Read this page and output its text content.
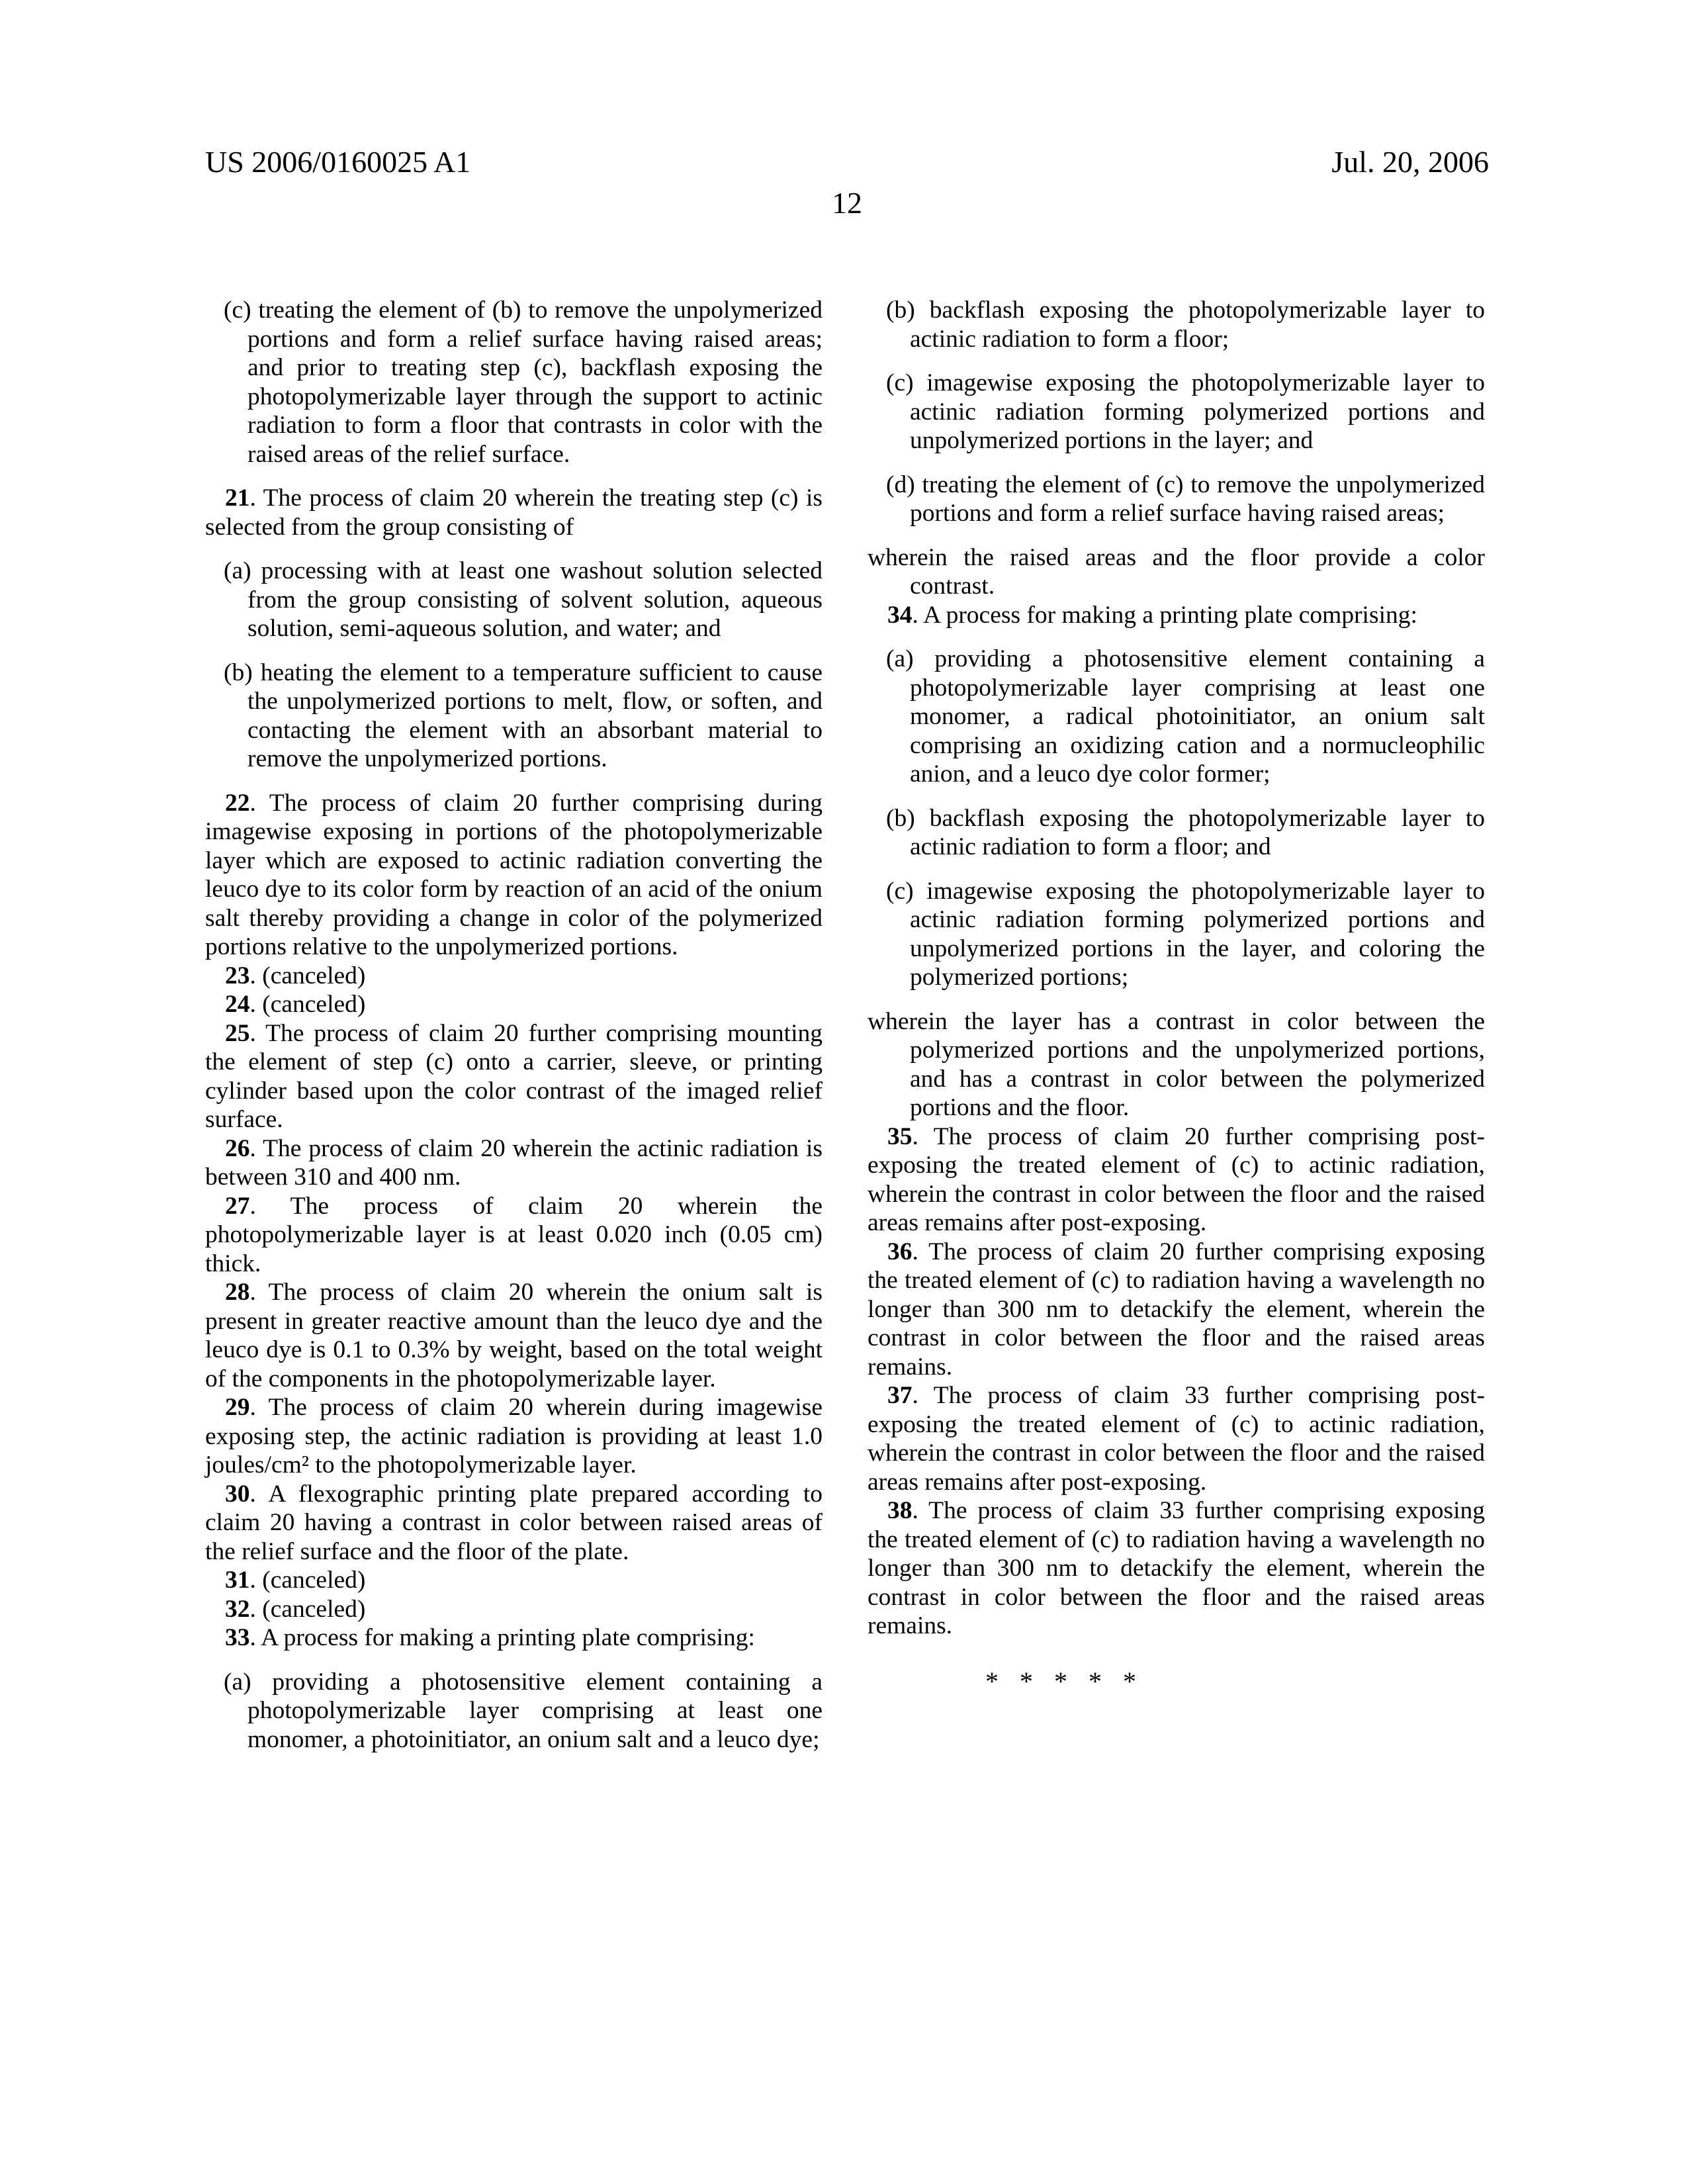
US 2006/0160025 A1	Jul. 20, 2006
12

(c) treating the element of (b) to remove the unpolymerized portions and form a relief surface having raised areas; and prior to treating step (c), backflash exposing the photopolymerizable layer through the support to actinic radiation to form a floor that contrasts in color with the raised areas of the relief surface.

21. The process of claim 20 wherein the treating step (c) is selected from the group consisting of

(a) processing with at least one washout solution selected from the group consisting of solvent solution, aqueous solution, semi-aqueous solution, and water; and

(b) heating the element to a temperature sufficient to cause the unpolymerized portions to melt, flow, or soften, and contacting the element with an absorbant material to remove the unpolymerized portions.

22. The process of claim 20 further comprising during imagewise exposing in portions of the photopolymerizable layer which are exposed to actinic radiation converting the leuco dye to its color form by reaction of an acid of the onium salt thereby providing a change in color of the polymerized portions relative to the unpolymerized portions.

23. (canceled)

24. (canceled)

25. The process of claim 20 further comprising mounting the element of step (c) onto a carrier, sleeve, or printing cylinder based upon the color contrast of the imaged relief surface.

26. The process of claim 20 wherein the actinic radiation is between 310 and 400 nm.

27. The process of claim 20 wherein the photopolymerizable layer is at least 0.020 inch (0.05 cm) thick.

28. The process of claim 20 wherein the onium salt is present in greater reactive amount than the leuco dye and the leuco dye is 0.1 to 0.3% by weight, based on the total weight of the components in the photopolymerizable layer.

29. The process of claim 20 wherein during imagewise exposing step, the actinic radiation is providing at least 1.0 joules/cm² to the photopolymerizable layer.

30. A flexographic printing plate prepared according to claim 20 having a contrast in color between raised areas of the relief surface and the floor of the plate.

31. (canceled)

32. (canceled)

33. A process for making a printing plate comprising:

(a) providing a photosensitive element containing a photopolymerizable layer comprising at least one monomer, a photoinitiator, an onium salt and a leuco dye;

(b) backflash exposing the photopolymerizable layer to actinic radiation to form a floor;

(c) imagewise exposing the photopolymerizable layer to actinic radiation forming polymerized portions and unpolymerized portions in the layer; and

(d) treating the element of (c) to remove the unpolymerized portions and form a relief surface having raised areas;

wherein the raised areas and the floor provide a color contrast.

34. A process for making a printing plate comprising:

(a) providing a photosensitive element containing a photopolymerizable layer comprising at least one monomer, a radical photoinitiator, an onium salt comprising an oxidizing cation and a normucleophilic anion, and a leuco dye color former;

(b) backflash exposing the photopolymerizable layer to actinic radiation to form a floor; and

(c) imagewise exposing the photopolymerizable layer to actinic radiation forming polymerized portions and unpolymerized portions in the layer, and coloring the polymerized portions;

wherein the layer has a contrast in color between the polymerized portions and the unpolymerized portions, and has a contrast in color between the polymerized portions and the floor.

35. The process of claim 20 further comprising post-exposing the treated element of (c) to actinic radiation, wherein the contrast in color between the floor and the raised areas remains after post-exposing.

36. The process of claim 20 further comprising exposing the treated element of (c) to radiation having a wavelength no longer than 300 nm to detackify the element, wherein the contrast in color between the floor and the raised areas remains.

37. The process of claim 33 further comprising post-exposing the treated element of (c) to actinic radiation, wherein the contrast in color between the floor and the raised areas remains after post-exposing.

38. The process of claim 33 further comprising exposing the treated element of (c) to radiation having a wavelength no longer than 300 nm to detackify the element, wherein the contrast in color between the floor and the raised areas remains.

* * * * *
